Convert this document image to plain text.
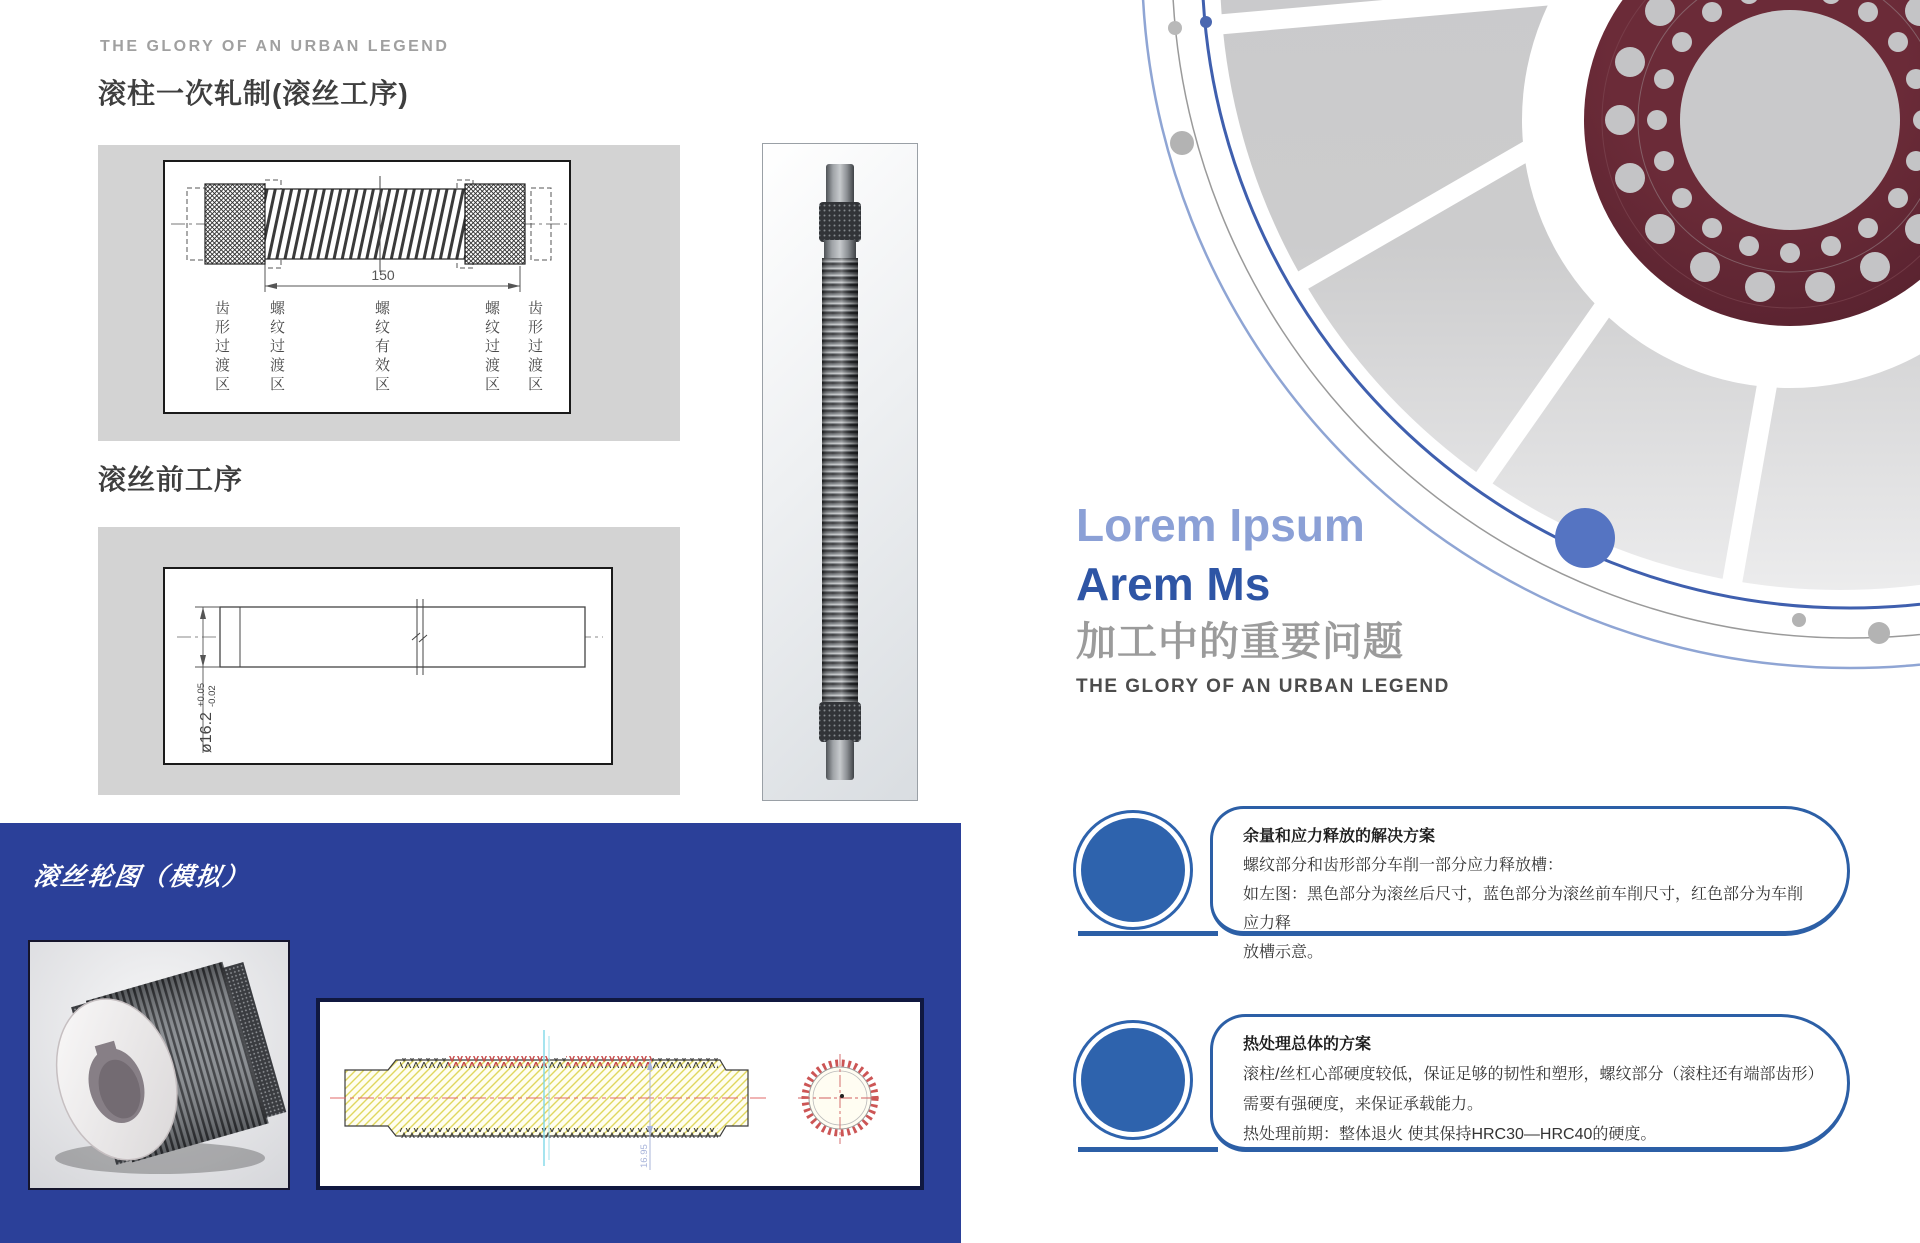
THE GLORY OF AN URBAN LEGEND
滚柱一次轧制(滚丝工序)
150
齿形过渡区	螺纹过渡区	螺纹有效区	螺纹过渡区 齿形过渡区
滚丝前工序
ø16.2
+0.05 -0.02
滚丝轮图（模拟）
16.95
Lorem Ipsum
Arem Ms
加工中的重要问题
THE GLORY OF AN URBAN LEGEND
余量和应力释放的解决方案
螺纹部分和齿形部分车削一部分应力释放槽：
如左图：黑色部分为滚丝后尺寸，蓝色部分为滚丝前车削尺寸，红色部分为车削应力释
放槽示意。
热处理总体的方案
滚柱/丝杠心部硬度较低，保证足够的韧性和塑形，螺纹部分（滚柱还有端部齿形）
需要有强硬度，来保证承载能力。
热处理前期：整体退火 使其保持HRC30—HRC40的硬度。
